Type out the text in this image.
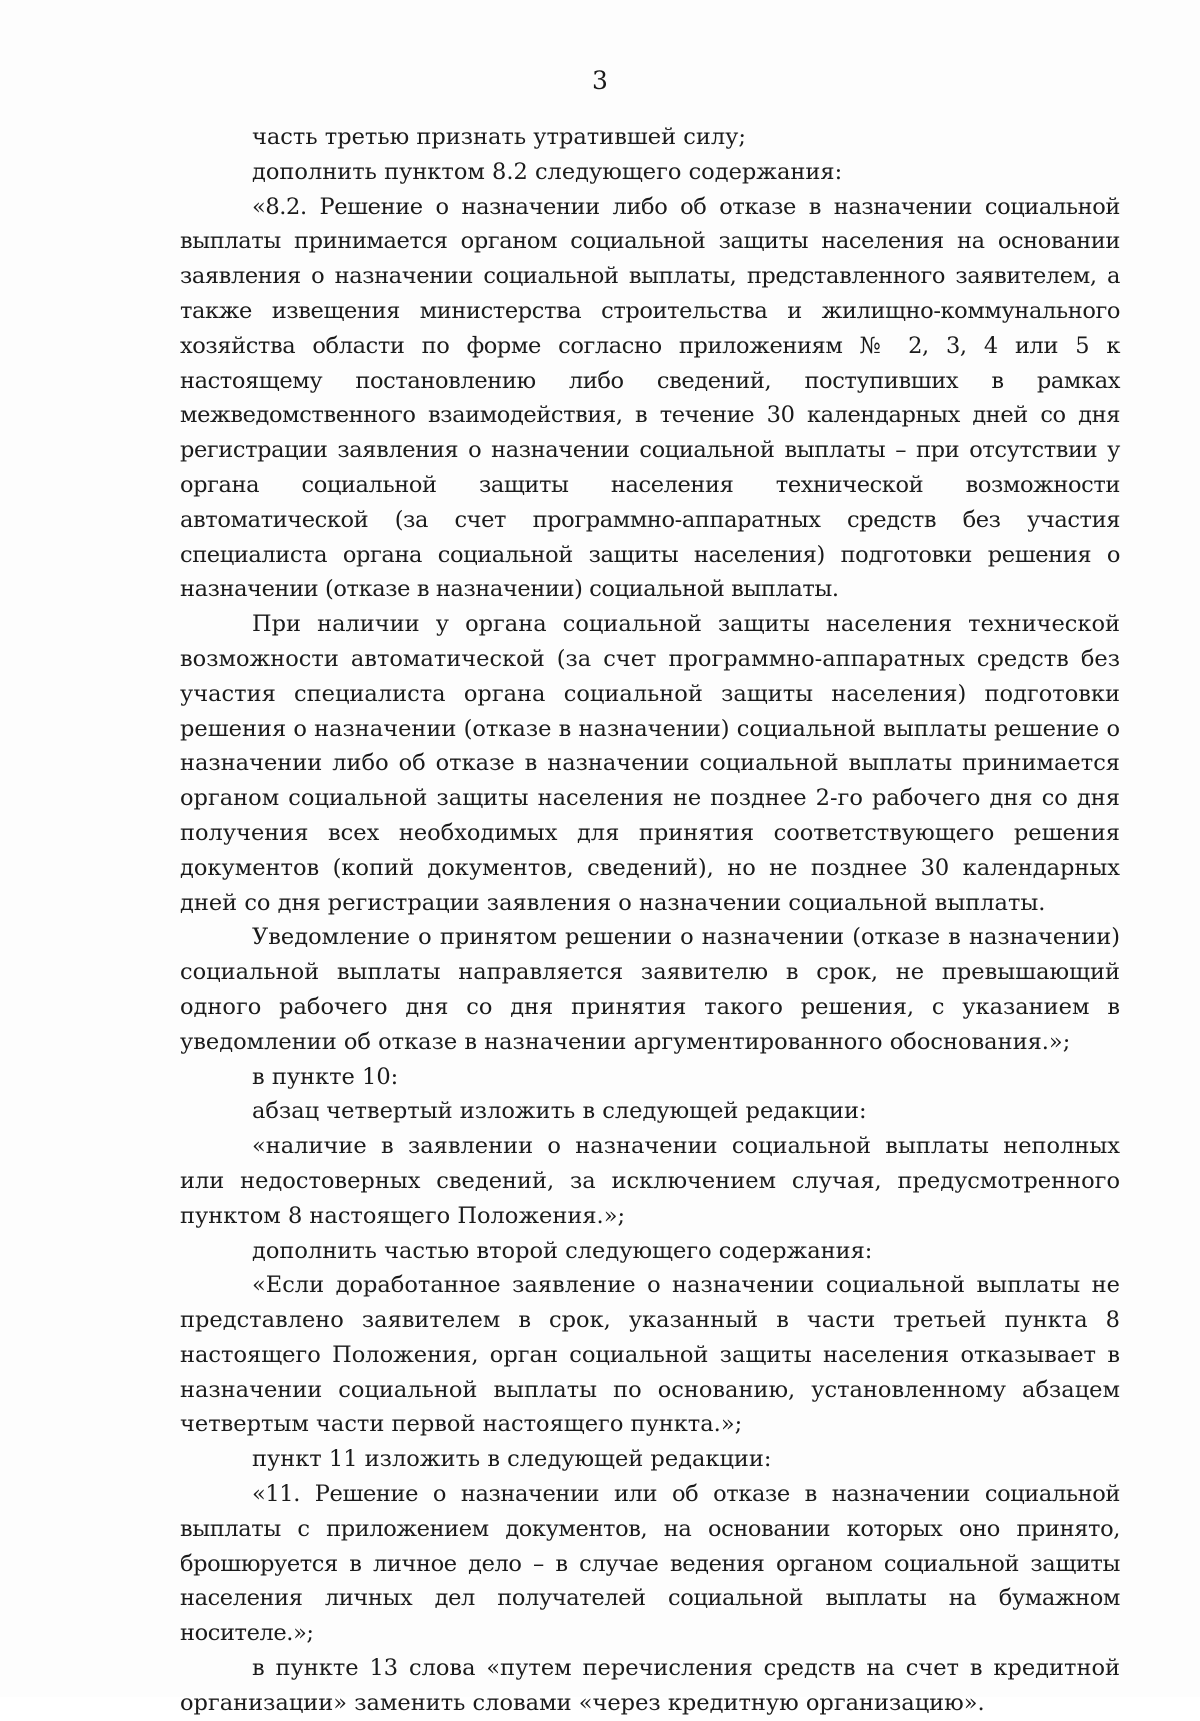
3

часть третью признать утратившей силу;

дополнить пунктом 8.2 следующего содержания:

«8.2. Решение о назначении либо об отказе в назначении социальной выплаты принимается органом социальной защиты населения на основании заявления о назначении социальной выплаты, представленного заявителем, а также извещения министерства строительства и жилищно-коммунального хозяйства области по форме согласно приложениям № 2, 3, 4 или 5 к настоящему постановлению либо сведений, поступивших в рамках межведомственного взаимодействия, в течение 30 календарных дней со дня регистрации заявления о назначении социальной выплаты – при отсутствии у органа социальной защиты населения технической возможности автоматической (за счет программно-аппаратных средств без участия специалиста органа социальной защиты населения) подготовки решения о назначении (отказе в назначении) социальной выплаты.

При наличии у органа социальной защиты населения технической возможности автоматической (за счет программно-аппаратных средств без участия специалиста органа социальной защиты населения) подготовки решения о назначении (отказе в назначении) социальной выплаты решение о назначении либо об отказе в назначении социальной выплаты принимается органом социальной защиты населения не позднее 2-го рабочего дня со дня получения всех необходимых для принятия соответствующего решения документов (копий документов, сведений), но не позднее 30 календарных дней со дня регистрации заявления о назначении социальной выплаты.

Уведомление о принятом решении о назначении (отказе в назначении) социальной выплаты направляется заявителю в срок, не превышающий одного рабочего дня со дня принятия такого решения, с указанием в уведомлении об отказе в назначении аргументированного обоснования.»;

в пункте 10:

абзац четвертый изложить в следующей редакции:

«наличие в заявлении о назначении социальной выплаты неполных или недостоверных сведений, за исключением случая, предусмотренного пунктом 8 настоящего Положения.»;

дополнить частью второй следующего содержания:

«Если доработанное заявление о назначении социальной выплаты не представлено заявителем в срок, указанный в части третьей пункта 8 настоящего Положения, орган социальной защиты населения отказывает в назначении социальной выплаты по основанию, установленному абзацем четвертым части первой настоящего пункта.»;

пункт 11 изложить в следующей редакции:

«11. Решение о назначении или об отказе в назначении социальной выплаты с приложением документов, на основании которых оно принято, брошюруется в личное дело – в случае ведения органом социальной защиты населения личных дел получателей социальной выплаты на бумажном носителе.»;

в пункте 13 слова «путем перечисления средств на счет в кредитной организации» заменить словами «через кредитную организацию».
